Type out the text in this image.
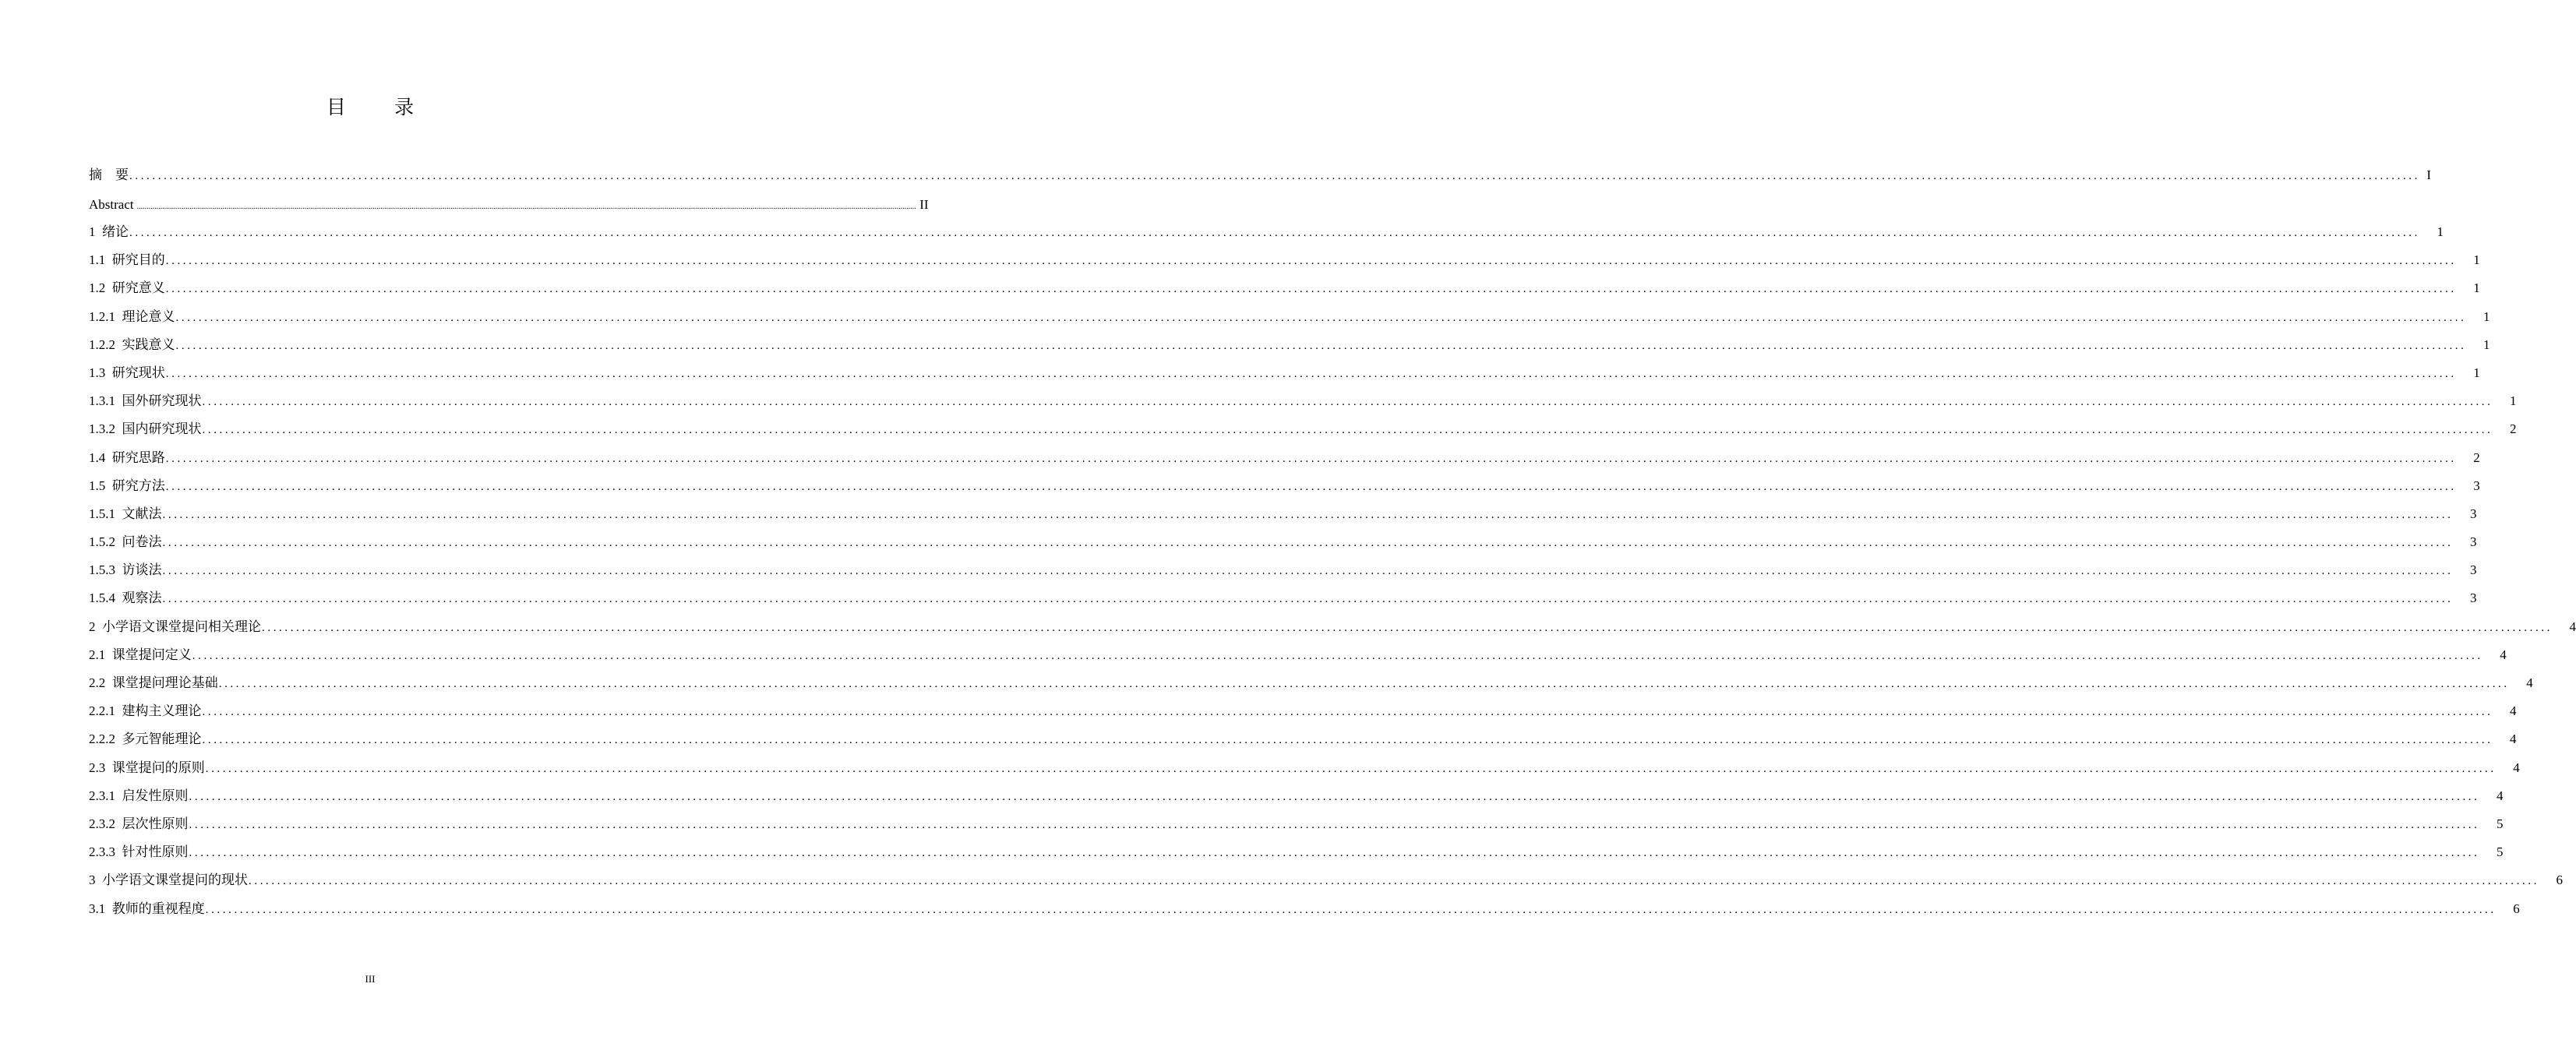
目 录
摘　要 ................................................................................................................................................................................................................................................................................................................................................................................................................ I
Abstract ................................................................................................................................................................................................................................................................................................................................................................................................................ II
1  绪论 ................................................................................................................................................................................................................................................................................................................................................................................................................	1
1.1  研究目的 ................................................................................................................................................................................................................................................................................................................................................................................................................	1
1.2  研究意义 ................................................................................................................................................................................................................................................................................................................................................................................................................	1
1.2.1  理论意义 ................................................................................................................................................................................................................................................................................................................................................................................................................	1
1.2.2  实践意义 ................................................................................................................................................................................................................................................................................................................................................................................................................	1
1.3  研究现状 ................................................................................................................................................................................................................................................................................................................................................................................................................	1
1.3.1  国外研究现状 ................................................................................................................................................................................................................................................................................................................................................................................................................	1
1.3.2  国内研究现状 ................................................................................................................................................................................................................................................................................................................................................................................................................	2
1.4  研究思路 ................................................................................................................................................................................................................................................................................................................................................................................................................	2
1.5  研究方法 ................................................................................................................................................................................................................................................................................................................................................................................................................	3
1.5.1  文献法 ................................................................................................................................................................................................................................................................................................................................................................................................................	3
1.5.2  问卷法 ................................................................................................................................................................................................................................................................................................................................................................................................................	3
1.5.3  访谈法 ................................................................................................................................................................................................................................................................................................................................................................................................................	3
1.5.4  观察法 ................................................................................................................................................................................................................................................................................................................................................................................................................	3
2  小学语文课堂提问相关理论 ................................................................................................................................................................................................................................................................................................................................................................................................................	4
2.1  课堂提问定义 ................................................................................................................................................................................................................................................................................................................................................................................................................	4
2.2  课堂提问理论基础 ................................................................................................................................................................................................................................................................................................................................................................................................................	4
2.2.1  建构主义理论 ................................................................................................................................................................................................................................................................................................................................................................................................................	4
2.2.2  多元智能理论 ................................................................................................................................................................................................................................................................................................................................................................................................................	4
2.3  课堂提问的原则 ................................................................................................................................................................................................................................................................................................................................................................................................................	4
2.3.1  启发性原则 ................................................................................................................................................................................................................................................................................................................................................................................................................	4
2.3.2  层次性原则 ................................................................................................................................................................................................................................................................................................................................................................................................................	5
2.3.3  针对性原则 ................................................................................................................................................................................................................................................................................................................................................................................................................	5
3  小学语文课堂提问的现状 ................................................................................................................................................................................................................................................................................................................................................................................................................	6
3.1  教师的重视程度 ................................................................................................................................................................................................................................................................................................................................................................................................................	6
III
